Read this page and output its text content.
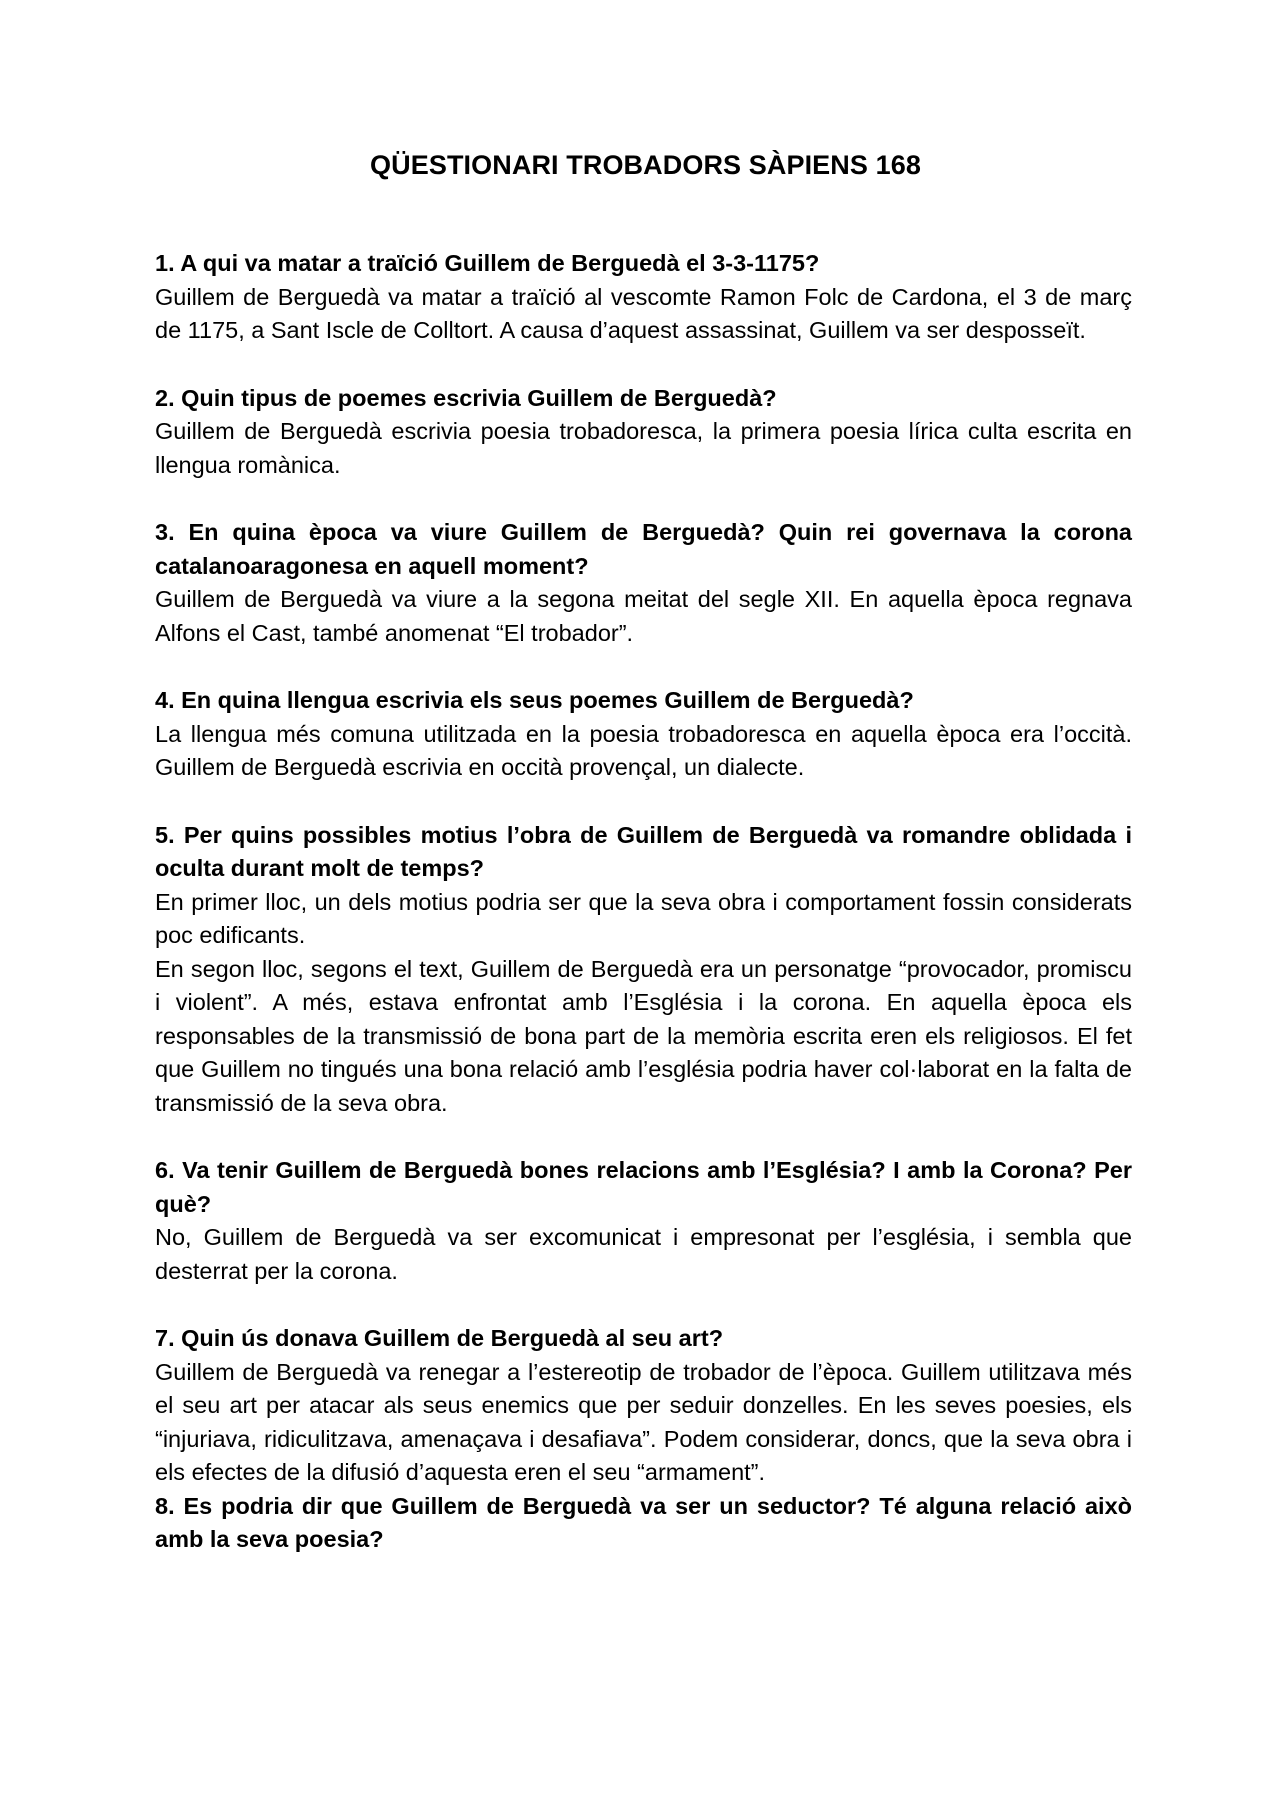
QÜESTIONARI TROBADORS SÀPIENS 168

1. A qui va matar a traïció Guillem de Berguedà el 3-3-1175?

Guillem de Berguedà va matar a traïció al vescomte Ramon Folc de Cardona, el 3 de març de 1175, a Sant Iscle de Colltort. A causa d’aquest assassinat, Guillem va ser desposseït.

2. Quin tipus de poemes escrivia Guillem de Berguedà?

Guillem de Berguedà escrivia poesia trobadoresca, la primera poesia lírica culta escrita en llengua romànica.

3. En quina època va viure Guillem de Berguedà? Quin rei governava la corona catalanoaragonesa en aquell moment?

Guillem de Berguedà va viure a la segona meitat del segle XII. En aquella època regnava Alfons el Cast, també anomenat “El trobador”.

4. En quina llengua escrivia els seus poemes Guillem de Berguedà?

La llengua més comuna utilitzada en la poesia trobadoresca en aquella època era l’occità. Guillem de Berguedà escrivia en occità provençal, un dialecte.

5. Per quins possibles motius l’obra de Guillem de Berguedà va romandre oblidada i oculta durant molt de temps?

En primer lloc, un dels motius podria ser que la seva obra i comportament fossin considerats poc edificants.

En segon lloc, segons el text, Guillem de Berguedà era un personatge “provocador, promiscu i violent”. A més, estava enfrontat amb l’Església i la corona. En aquella època els responsables de la transmissió de bona part de la memòria escrita eren els religiosos. El fet que Guillem no tingués una bona relació amb l’església podria haver col·laborat en la falta de transmissió de la seva obra.

6. Va tenir Guillem de Berguedà bones relacions amb l’Església? I amb la Corona? Per què?

No, Guillem de Berguedà va ser excomunicat i empresonat per l’església, i sembla que desterrat per la corona.

7. Quin ús donava Guillem de Berguedà al seu art?

Guillem de Berguedà va renegar a l’estereotip de trobador de l’època. Guillem utilitzava més el seu art per atacar als seus enemics que per seduir donzelles. En les seves poesies, els “injuriava, ridiculitzava, amenaçava i desafiava”. Podem considerar, doncs, que la seva obra i els efectes de la difusió d’aquesta eren el seu “armament”.

8. Es podria dir que Guillem de Berguedà va ser un seductor? Té alguna relació això amb la seva poesia?
